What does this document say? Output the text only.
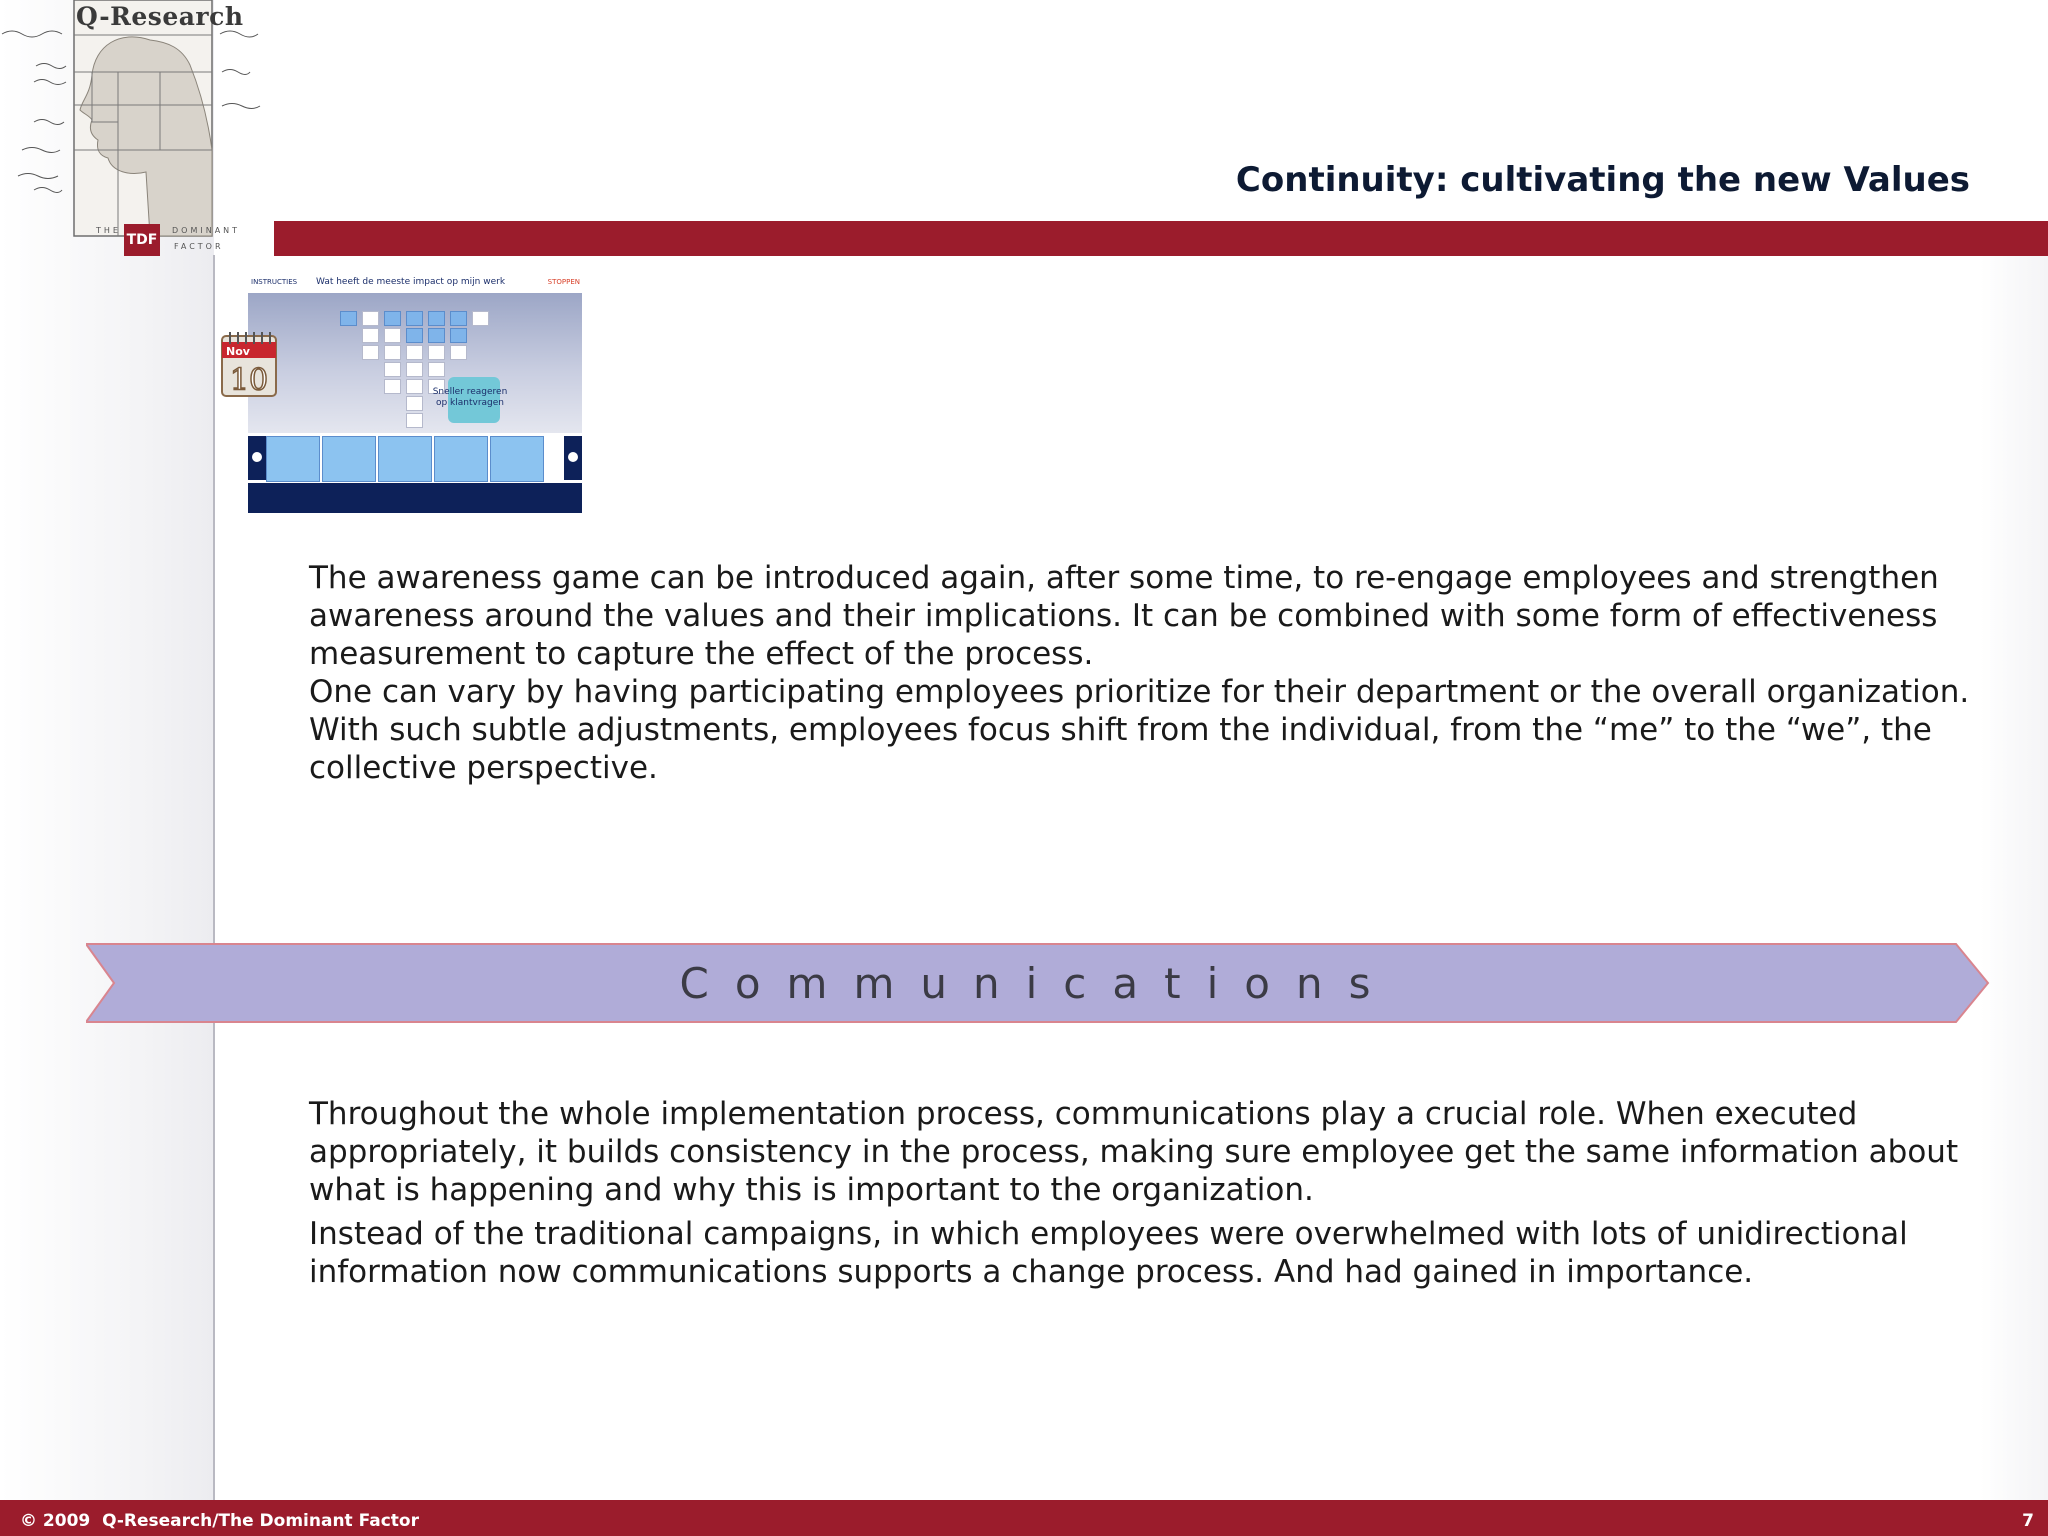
Q-Research
THE
TDF
DOMINANT
FACTOR
Continuity: cultivating the new Values
INSTRUCTIES Wat heeft de meeste impact op mijn werk	STOPPEN
Sneller reageren op klantvragen
Nov
10
The awareness game can be introduced again, after some time, to re-engage employees and strengthen awareness around the values and their implications. It can be combined with some form of effectiveness measurement to capture the effect of the process.
One can vary by having participating employees prioritize for their department or the overall organization. With such subtle adjustments, employees focus shift from the individual, from the “me” to the “we”, the collective perspective.
Communications
Throughout the whole implementation process, communications play a crucial role. When executed appropriately, it builds consistency in the process, making sure employee get the same information about what is happening and why this is important to the organization.
Instead of the traditional campaigns, in which employees were overwhelmed with lots of unidirectional information now communications supports a change process. And had gained in importance.
© 2009  Q-Research/The Dominant Factor	7
